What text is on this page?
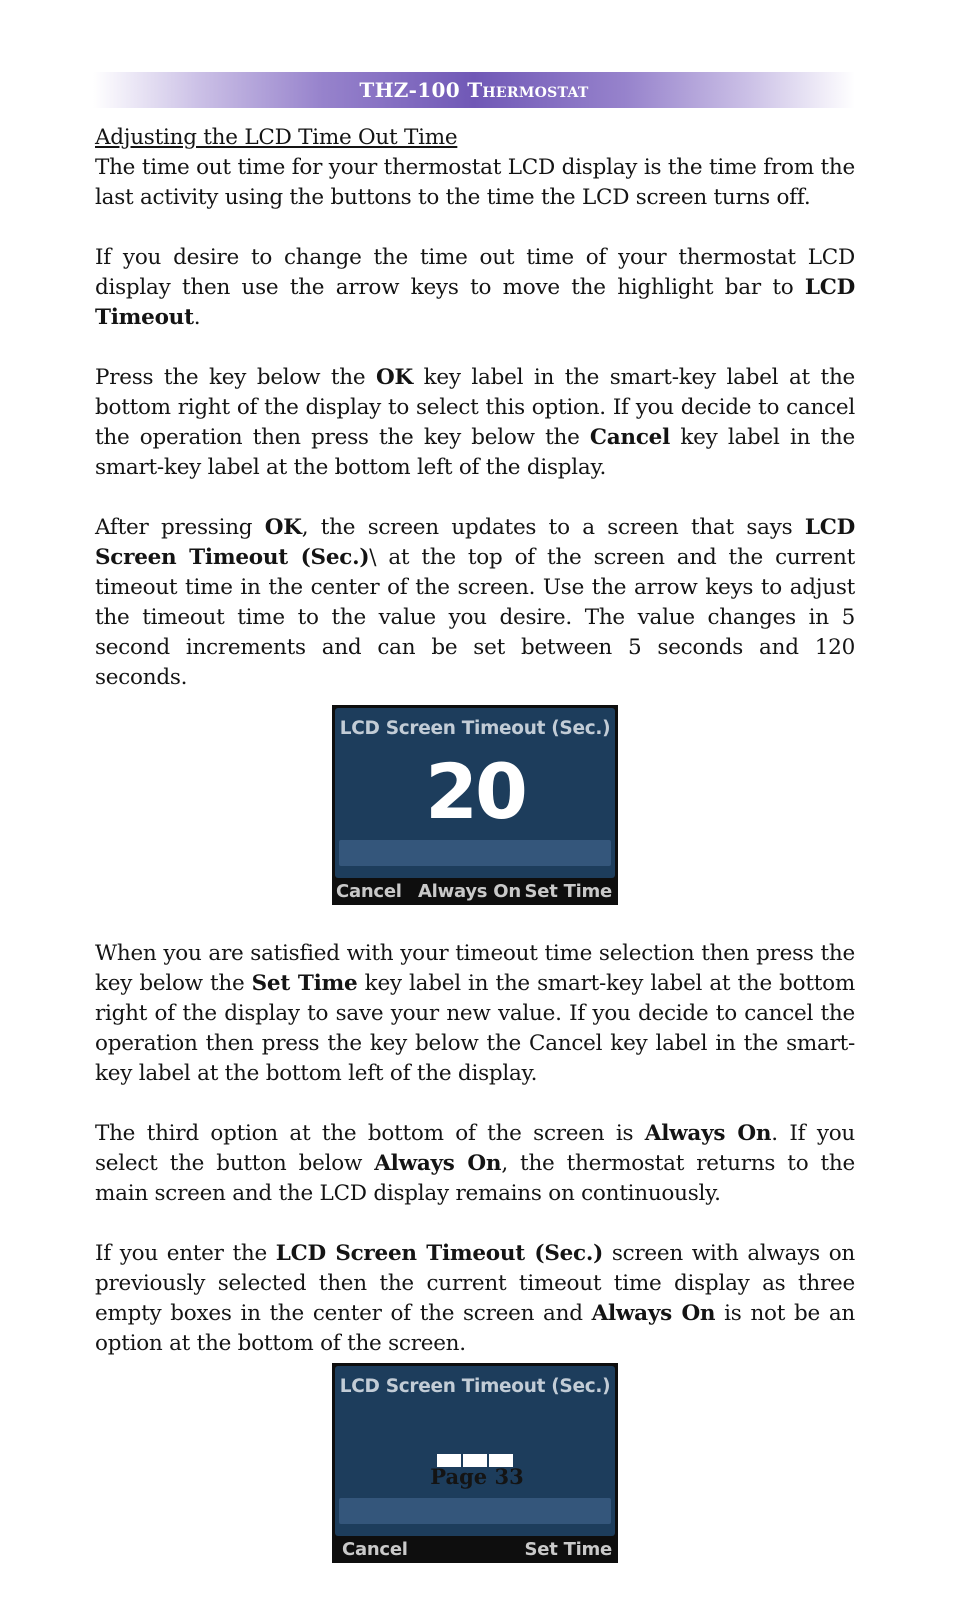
THZ-100 Thermostat

Adjusting the LCD Time Out Time

The time out time for your thermostat LCD display is the time from the last activity using the buttons to the time the LCD screen turns off.

If you desire to change the time out time of your thermostat LCD display then use the arrow keys to move the highlight bar to LCD Timeout.

Press the key below the OK key label in the smart-key label at the bottom right of the display to select this option. If you decide to cancel the operation then press the key below the Cancel key label in the smart-key label at the bottom left of the display.

After pressing OK, the screen updates to a screen that says LCD Screen Timeout (Sec.)\ at the top of the screen and the current timeout time in the center of the screen. Use the arrow keys to adjust the timeout time to the value you desire. The value changes in 5 second increments and can be set between 5 seconds and 120 seconds.

LCD Screen Timeout (Sec.)
20
Cancel Always On Set Time

When you are satisfied with your timeout time selection then press the key below the Set Time key label in the smart-key label at the bottom right of the display to save your new value. If you decide to cancel the operation then press the key below the Cancel key label in the smart-key label at the bottom left of the display.

The third option at the bottom of the screen is Always On. If you select the button below Always On, the thermostat returns to the main screen and the LCD display remains on continuously.

If you enter the LCD Screen Timeout (Sec.) screen with always on previously selected then the current timeout time display as three empty boxes in the center of the screen and Always On is not be an option at the bottom of the screen.

LCD Screen Timeout (Sec.)
Cancel	Set Time
Page 33
